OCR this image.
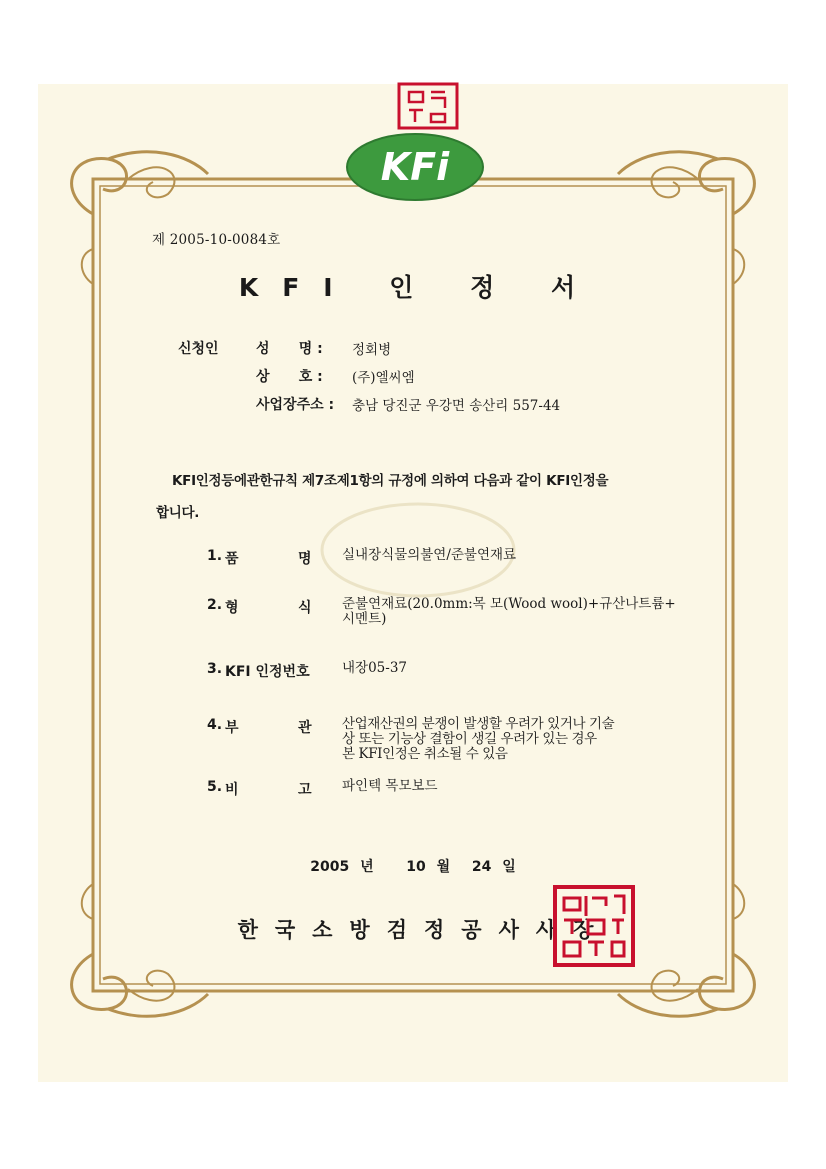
KFi
제 2005-10-0084호
KFI 인 정 서
신청인	성      명 : 정회병
상      호 : (주)엘씨엠
사업장주소 : 충남 당진군 우강면 송산리 557-44
KFI인정등에관한규칙 제7조제1항의 규정에 의하여 다음과 같이 KFI인정을
합니다.
1. 품	명 실내장식물의불연/준불연재료
2. 형	식 준불연재료(20.0mm:목 모(Wood wool)+규산나트륨+
시멘트)
3. KFI 인정번호 내장05-37
4. 부	관 산업재산권의 분쟁이 발생할 우려가 있거나 기술
상 또는 기능상 결함이 생길 우려가 있는 경우
본 KFI인정은 취소될 수 있음
5. 비	고 파인텍 목모보드
2005 년   10 월  24 일
한국소방검정공사사장
